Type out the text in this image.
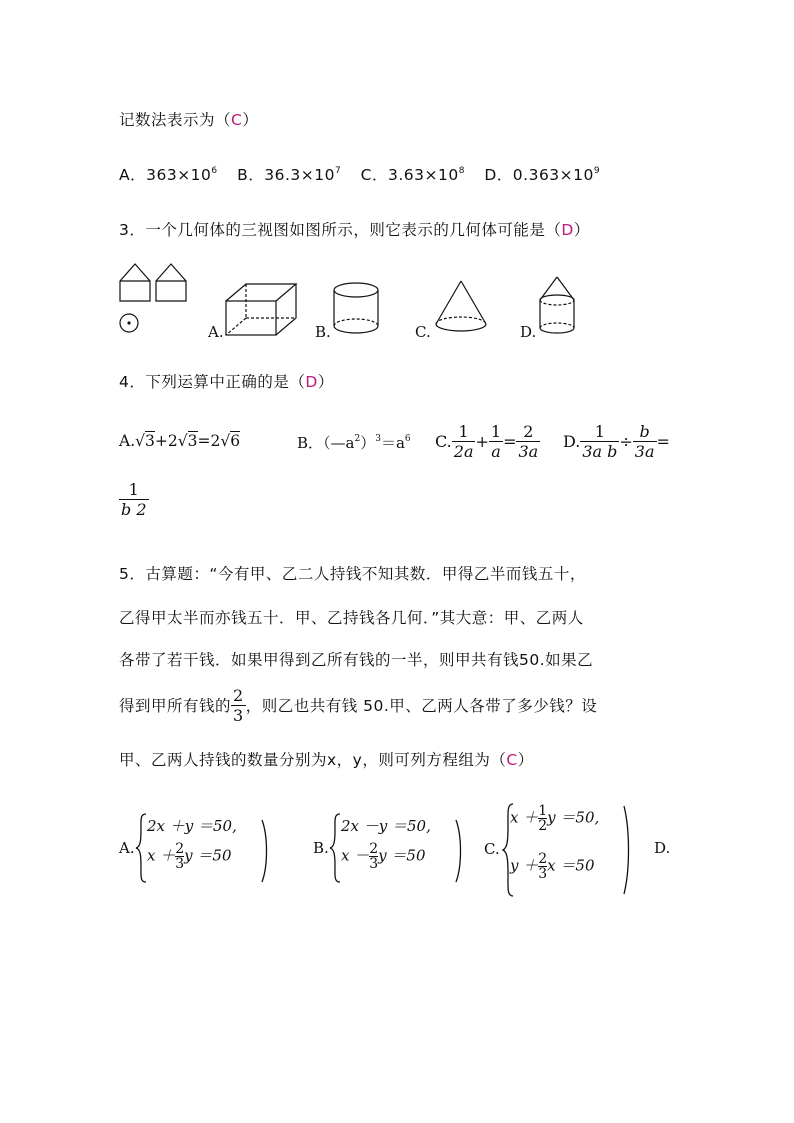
记数法表示为（C）
A．$363\times 10^6$ B．$36.3\times 10^7$ C．$3.63\times 10^8$ D．$0.363\times 10^9$
3．一个几何体的三视图如图所示，则它表示的几何体可能是（D）
A.	B.	C.	D.
4．下列运算中正确的是（D）
A.√3+2√3=2√6	B．$(—a^2)^3=a^6$ C. $\frac{1}{2a} + \frac{1}{a} = \frac{2}{3a} D$. $\frac{1}{\text{3a b}} \div \frac{b}{3a}$ =
$\frac{1}{b 2}$
5．古算题：“今有甲、乙二人持钱不知其数．甲得乙半而钱五十，
乙得甲太半而亦钱五十．甲、乙持钱各几何．”其大意：甲、乙两人
各带了若干钱．如果甲得到乙所有钱的一半，则甲共有钱50.如果乙
得到甲所有钱的 $\frac{2}{3}$ ，则乙也共有钱 50.甲、乙两人各带了多少钱？设
甲、乙两人持钱的数量分别为x，y，则可列方程组为（C）
A.
2x ＋y ＝50,
$x + \frac{2}{3}$ y ＝50	B.
2x －y ＝50,
$x - \frac{2}{3}$ y ＝50	C.
$x + \frac{1}{2}$ y ＝50,
$y + \frac{2}{3}$ x ＝50
D.
